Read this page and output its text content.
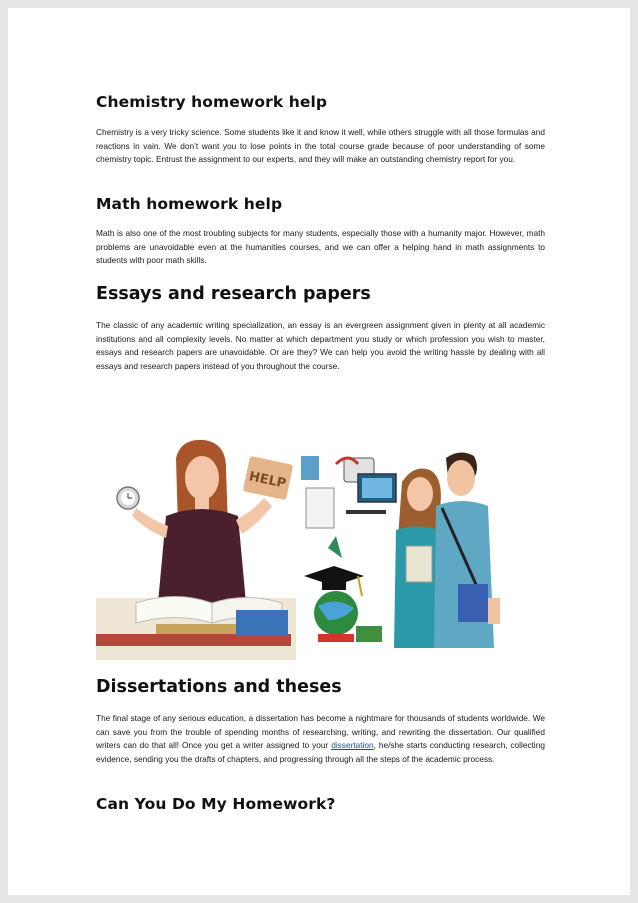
Chemistry homework help

Chemistry is a very tricky science. Some students like it and know it well, while others struggle with all those formulas and reactions in vain. We don’t want you to lose points in the total course grade because of poor understanding of some chemistry topic. Entrust the assignment to our experts, and they will make an outstanding chemistry report for you.

Math homework help

Math is also one of the most troubling subjects for many students, especially those with a humanity major. However, math problems are unavoidable even at the humanities courses, and we can offer a helping hand in math assignments to students with poor math skills.

Essays and research papers

The classic of any academic writing specialization, an essay is an evergreen assignment given in plenty at all academic institutions and all complexity levels. No matter at which department you study or which profession you wish to master, essays and research papers are unavoidable. Or are they? We can help you avoid the writing hassle by dealing with all essays and research papers instead of you throughout the course.

HELP
Dissertations and theses

The final stage of any serious education, a dissertation has become a nightmare for thousands of students worldwide. We can save you from the trouble of spending months of researching, writing, and rewriting the dissertation. Our qualified writers can do that all! Once you get a writer assigned to your dissertation, he/she starts conducting research, collecting evidence, sending you the drafts of chapters, and progressing through all the steps of the academic process.

Can You Do My Homework?
